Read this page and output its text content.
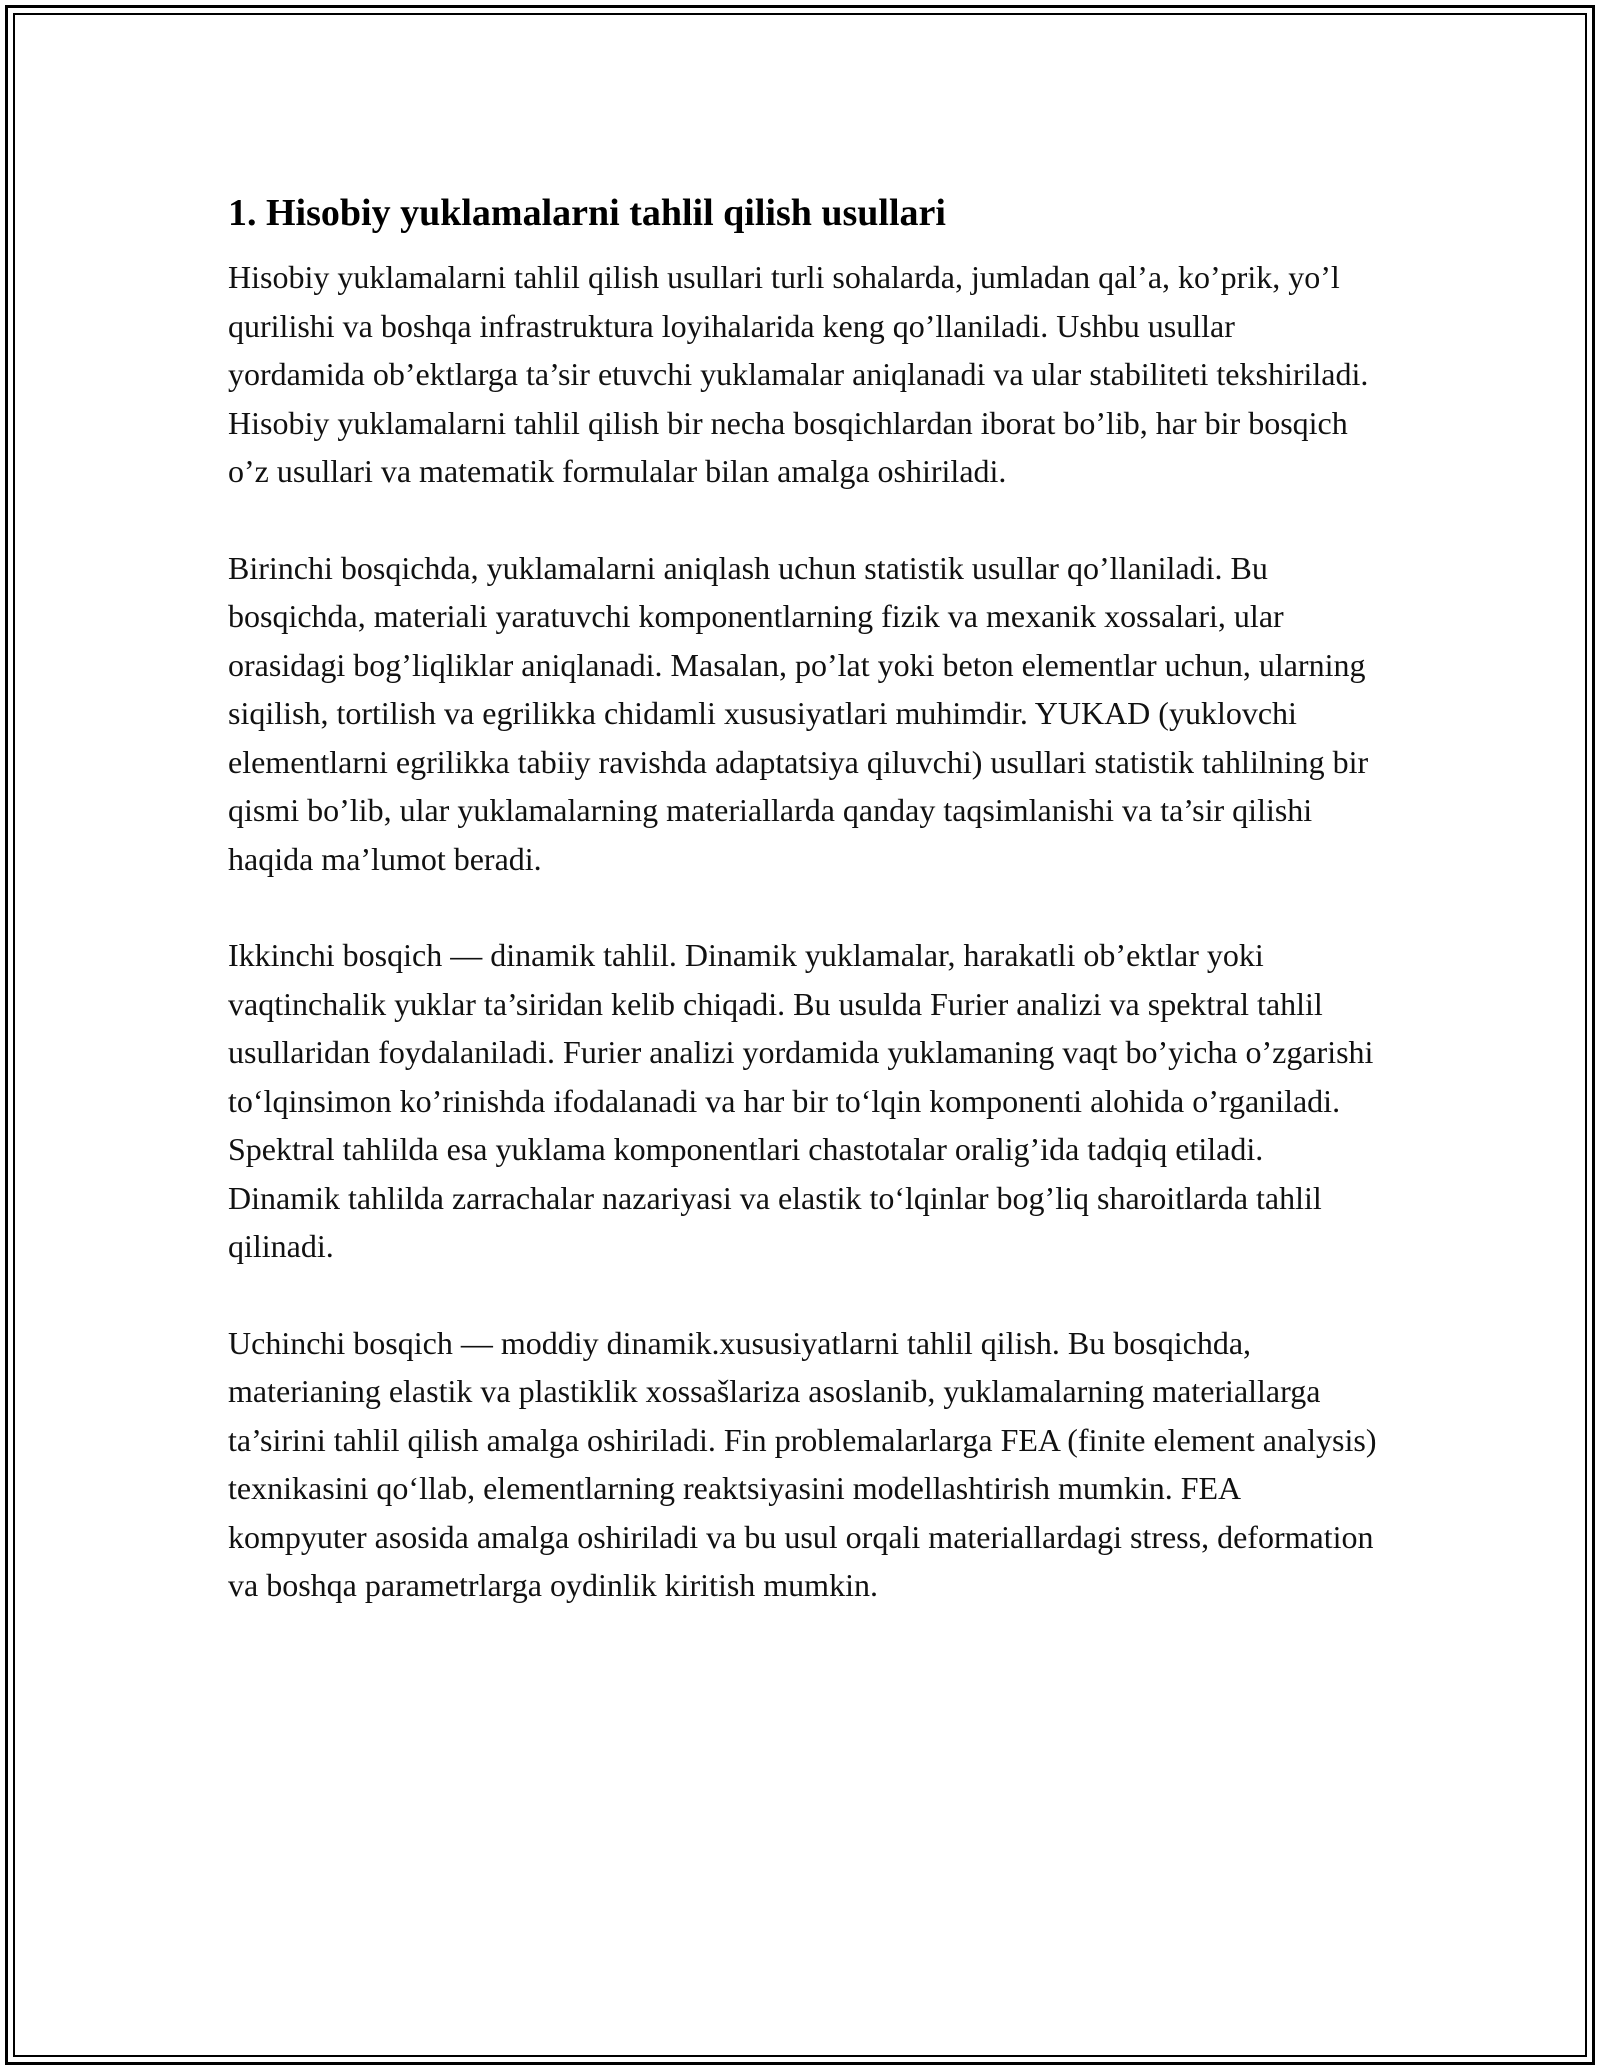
1. Hisobiy yuklamalarni tahlil qilish usullari

Hisobiy yuklamalarni tahlil qilish usullari turli sohalarda, jumladan qal’a, ko’prik, yo’l qurilishi va boshqa infrastruktura loyihalarida keng qo’llaniladi. Ushbu usullar yordamida ob’ektlarga ta’sir etuvchi yuklamalar aniqlanadi va ular stabiliteti tekshiriladi. Hisobiy yuklamalarni tahlil qilish bir necha bosqichlardan iborat bo’lib, har bir bosqich o’z usullari va matematik formulalar bilan amalga oshiriladi.

Birinchi bosqichda, yuklamalarni aniqlash uchun statistik usullar qo’llaniladi. Bu bosqichda, materiali yaratuvchi komponentlarning fizik va mexanik xossalari, ular orasidagi bog’liqliklar aniqlanadi. Masalan, po’lat yoki beton elementlar uchun, ularning siqilish, tortilish va egrilikka chidamli xususiyatlari muhimdir. YUKAD (yuklovchi elementlarni egrilikka tabiiy ravishda adaptatsiya qiluvchi) usullari statistik tahlilning bir qismi bo’lib, ular yuklamalarning materiallarda qanday taqsimlanishi va ta’sir qilishi haqida ma’lumot beradi.

Ikkinchi bosqich — dinamik tahlil. Dinamik yuklamalar, harakatli ob’ektlar yoki vaqtinchalik yuklar ta’siridan kelib chiqadi. Bu usulda Furier analizi va spektral tahlil usullaridan foydalaniladi. Furier analizi yordamida yuklamaning vaqt bo’yicha o’zgarishi to‘lqinsimon ko’rinishda ifodalanadi va har bir to‘lqin komponenti alohida o’rganiladi. Spektral tahlilda esa yuklama komponentlari chastotalar oralig’ida tadqiq etiladi. Dinamik tahlilda zarrachalar nazariyasi va elastik to‘lqinlar bog’liq sharoitlarda tahlil qilinadi.

Uchinchi bosqich — moddiy dinamik.xususiyatlarni tahlil qilish. Bu bosqichda, materianing elastik va plastiklik xossašlariza asoslanib, yuklamalarning materiallarga ta’sirini tahlil qilish amalga oshiriladi. Fin problemalarlarga FEA (finite element analysis) texnikasini qo‘llab, elementlarning reaktsiyasini modellashtirish mumkin. FEA kompyuter asosida amalga oshiriladi va bu usul orqali materiallardagi stress, deformation va boshqa parametrlarga oydinlik kiritish mumkin.
